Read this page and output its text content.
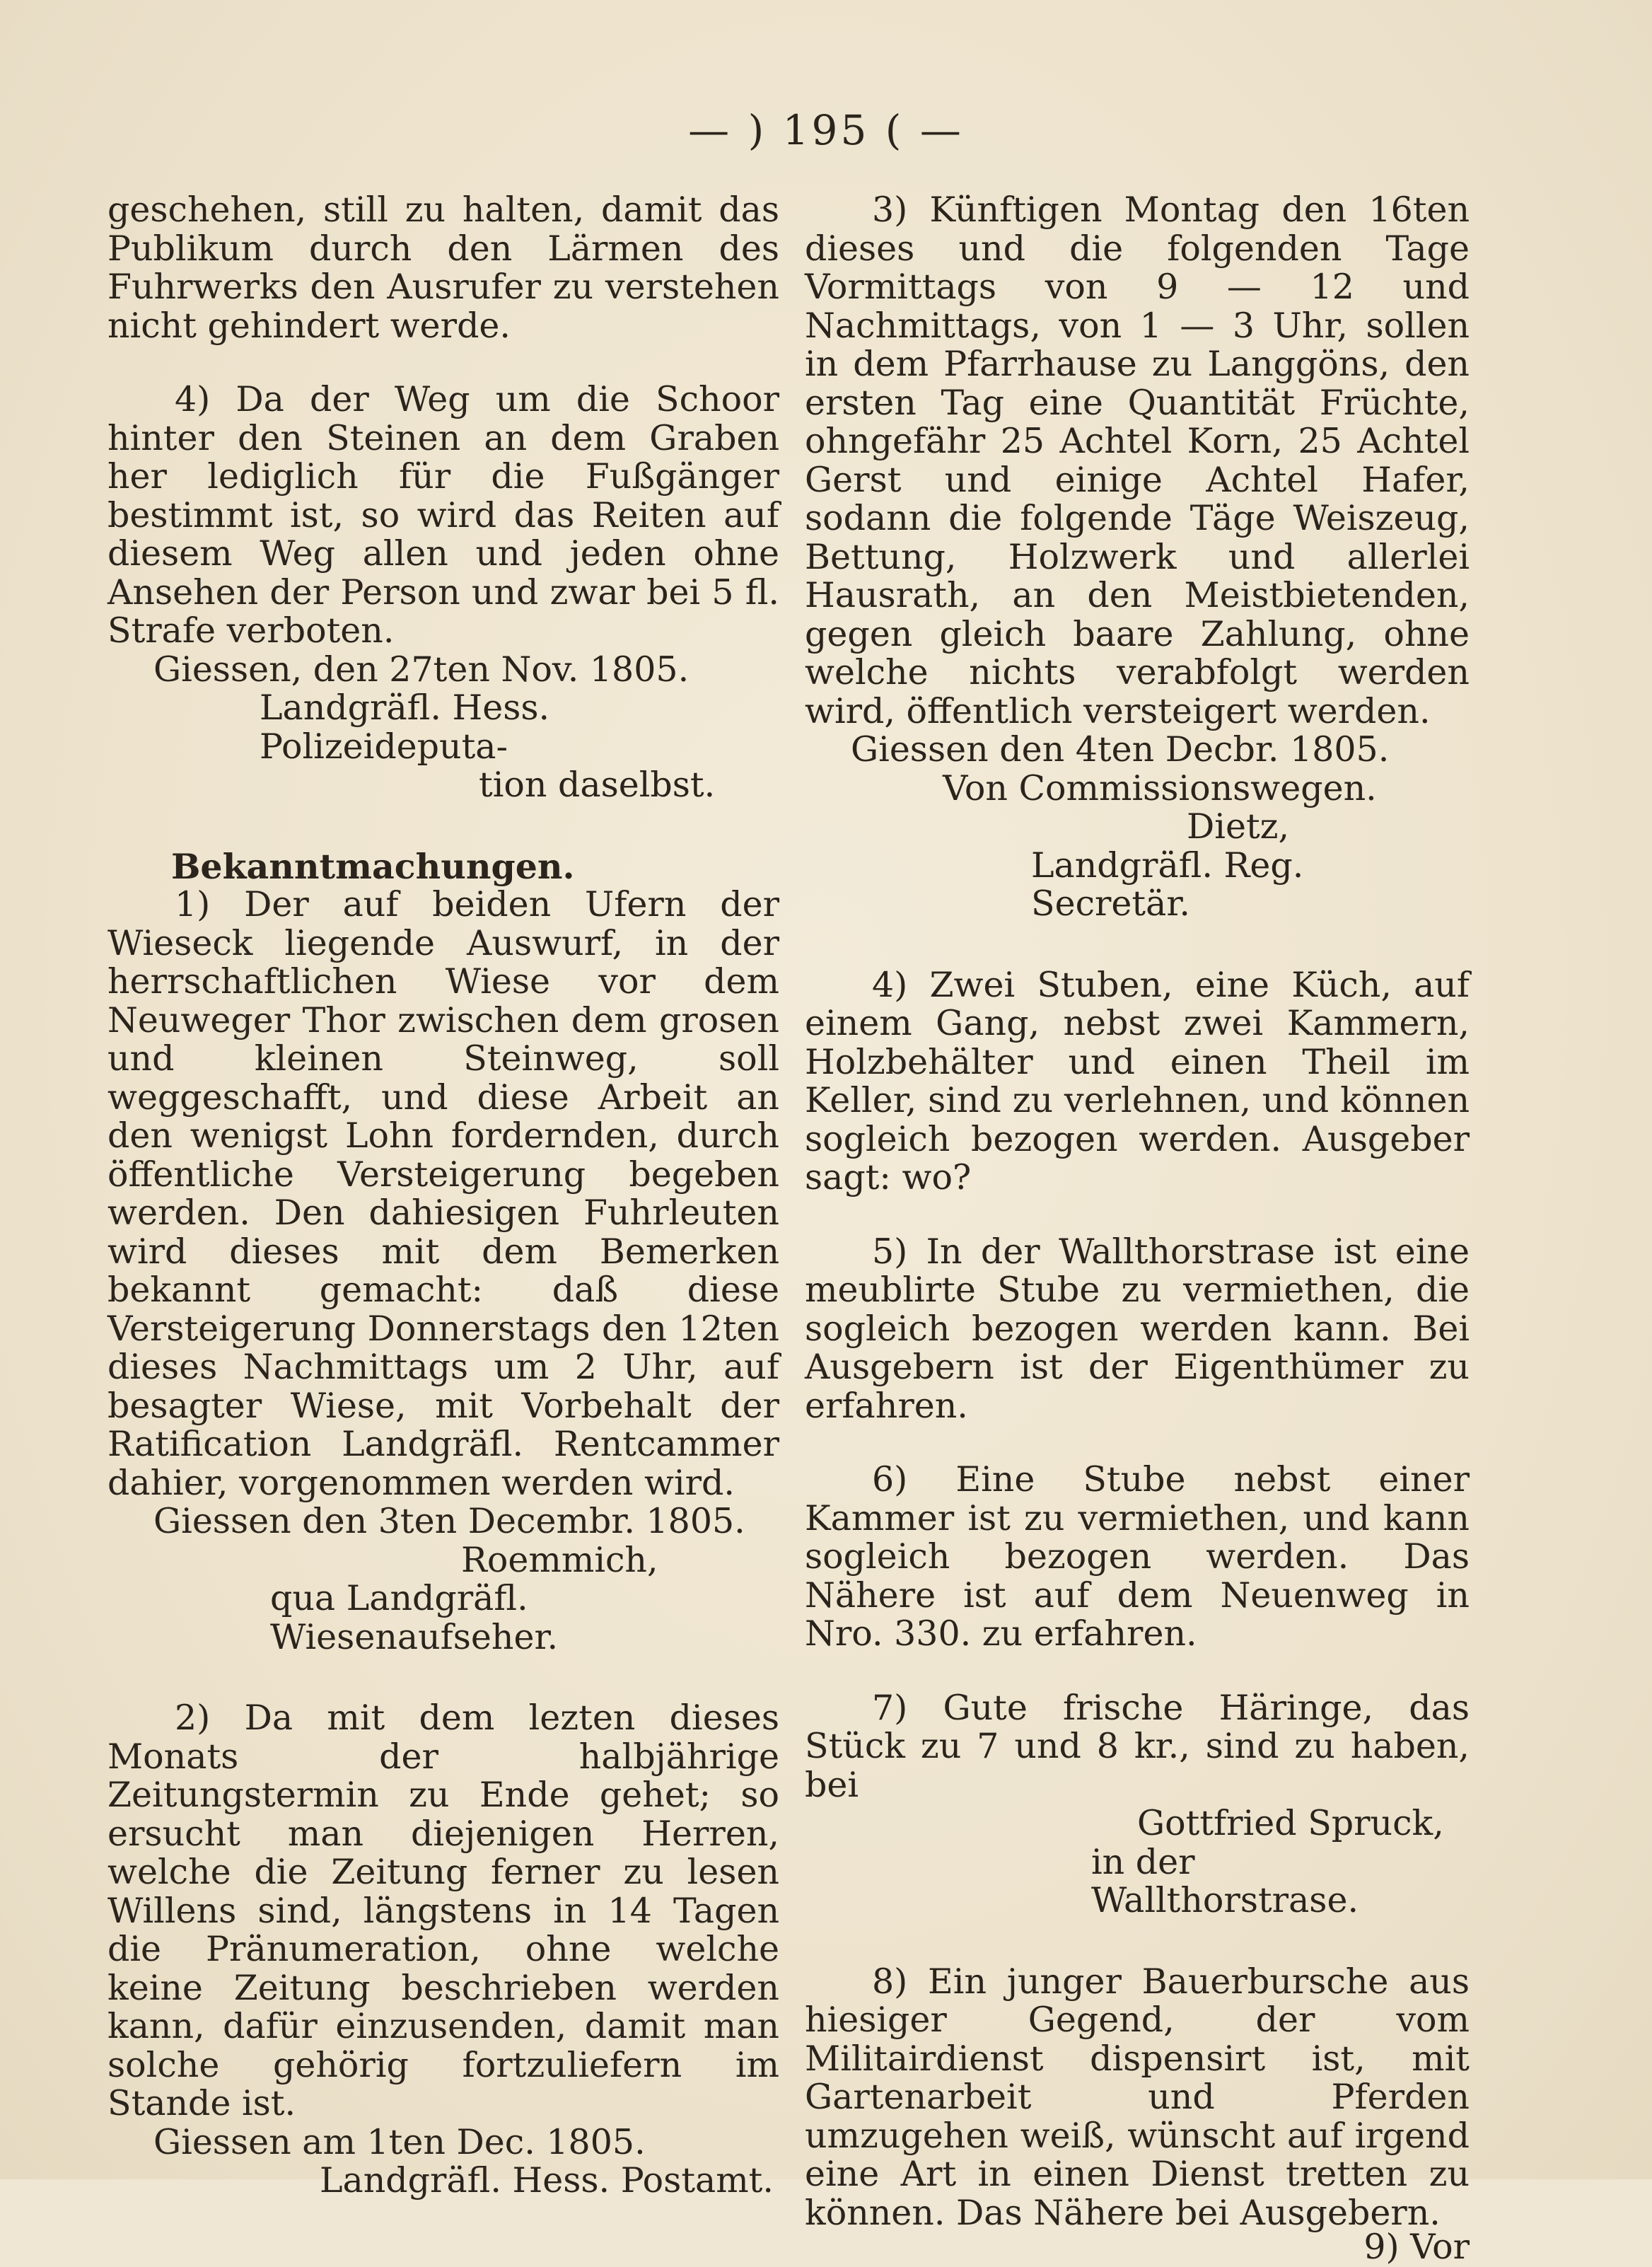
— ) 195 ( —

geschehen, still zu halten, damit das Publikum durch den Lärmen des Fuhrwerks den Ausrufer zu verstehen nicht gehindert werde.

4) Da der Weg um die Schoor hinter den Steinen an dem Graben her lediglich für die Fußgänger bestimmt ist, so wird das Reiten auf diesem Weg allen und jeden ohne Ansehen der Person und zwar bei 5 fl. Strafe verboten.

Giessen, den 27ten Nov. 1805.

Landgräfl. Hess. Polizeideputa-

tion daselbst.

Bekanntmachungen.

1) Der auf beiden Ufern der Wieseck liegende Auswurf, in der herrschaftlichen Wiese vor dem Neuweger Thor zwischen dem grosen und kleinen Steinweg, soll weggeschafft, und diese Arbeit an den wenigst Lohn fordernden, durch öffentliche Versteigerung begeben werden. Den dahiesigen Fuhrleuten wird dieses mit dem Bemerken bekannt gemacht: daß diese Versteigerung Donnerstags den 12ten dieses Nachmittags um 2 Uhr, auf besagter Wiese, mit Vorbehalt der Ratification Landgräfl. Rentcammer dahier, vorgenommen werden wird.

Giessen den 3ten Decembr. 1805.

Roemmich,

qua Landgräfl. Wiesenaufseher.

2) Da mit dem lezten dieses Monats der halbjährige Zeitungstermin zu Ende gehet; so ersucht man diejenigen Herren, welche die Zeitung ferner zu lesen Willens sind, längstens in 14 Tagen die Pränumeration, ohne welche keine Zeitung beschrieben werden kann, dafür einzusenden, damit man solche gehörig fortzuliefern im Stande ist.

Giessen am 1ten Dec. 1805.

Landgräfl. Hess. Postamt.

3) Künftigen Montag den 16ten dieses und die folgenden Tage Vormittags von 9 — 12 und Nachmittags, von 1 — 3 Uhr, sollen in dem Pfarrhause zu Langgöns, den ersten Tag eine Quantität Früchte, ohngefähr 25 Achtel Korn, 25 Achtel Gerst und einige Achtel Hafer, sodann die folgende Täge Weiszeug, Bettung, Holzwerk und allerlei Hausrath, an den Meistbietenden, gegen gleich baare Zahlung, ohne welche nichts verabfolgt werden wird, öffentlich versteigert werden.

Giessen den 4ten Decbr. 1805.

Von Commissionswegen.

Dietz,

Landgräfl. Reg. Secretär.

4) Zwei Stuben, eine Küch, auf einem Gang, nebst zwei Kammern, Holzbehälter und einen Theil im Keller, sind zu verlehnen, und können sogleich bezogen werden. Ausgeber sagt: wo?

5) In der Wallthorstrase ist eine meublirte Stube zu vermiethen, die sogleich bezogen werden kann. Bei Ausgebern ist der Eigenthümer zu erfahren.

6) Eine Stube nebst einer Kammer ist zu vermiethen, und kann sogleich bezogen werden. Das Nähere ist auf dem Neuenweg in Nro. 330. zu erfahren.

7) Gute frische Häringe, das Stück zu 7 und 8 kr., sind zu haben, bei

Gottfried Spruck,

in der Wallthorstrase.

8) Ein junger Bauerbursche aus hiesiger Gegend, der vom Militairdienst dispensirt ist, mit Gartenarbeit und Pferden umzugehen weiß, wünscht auf irgend eine Art in einen Dienst tretten zu können. Das Nähere bei Ausgebern.

9) Vor
